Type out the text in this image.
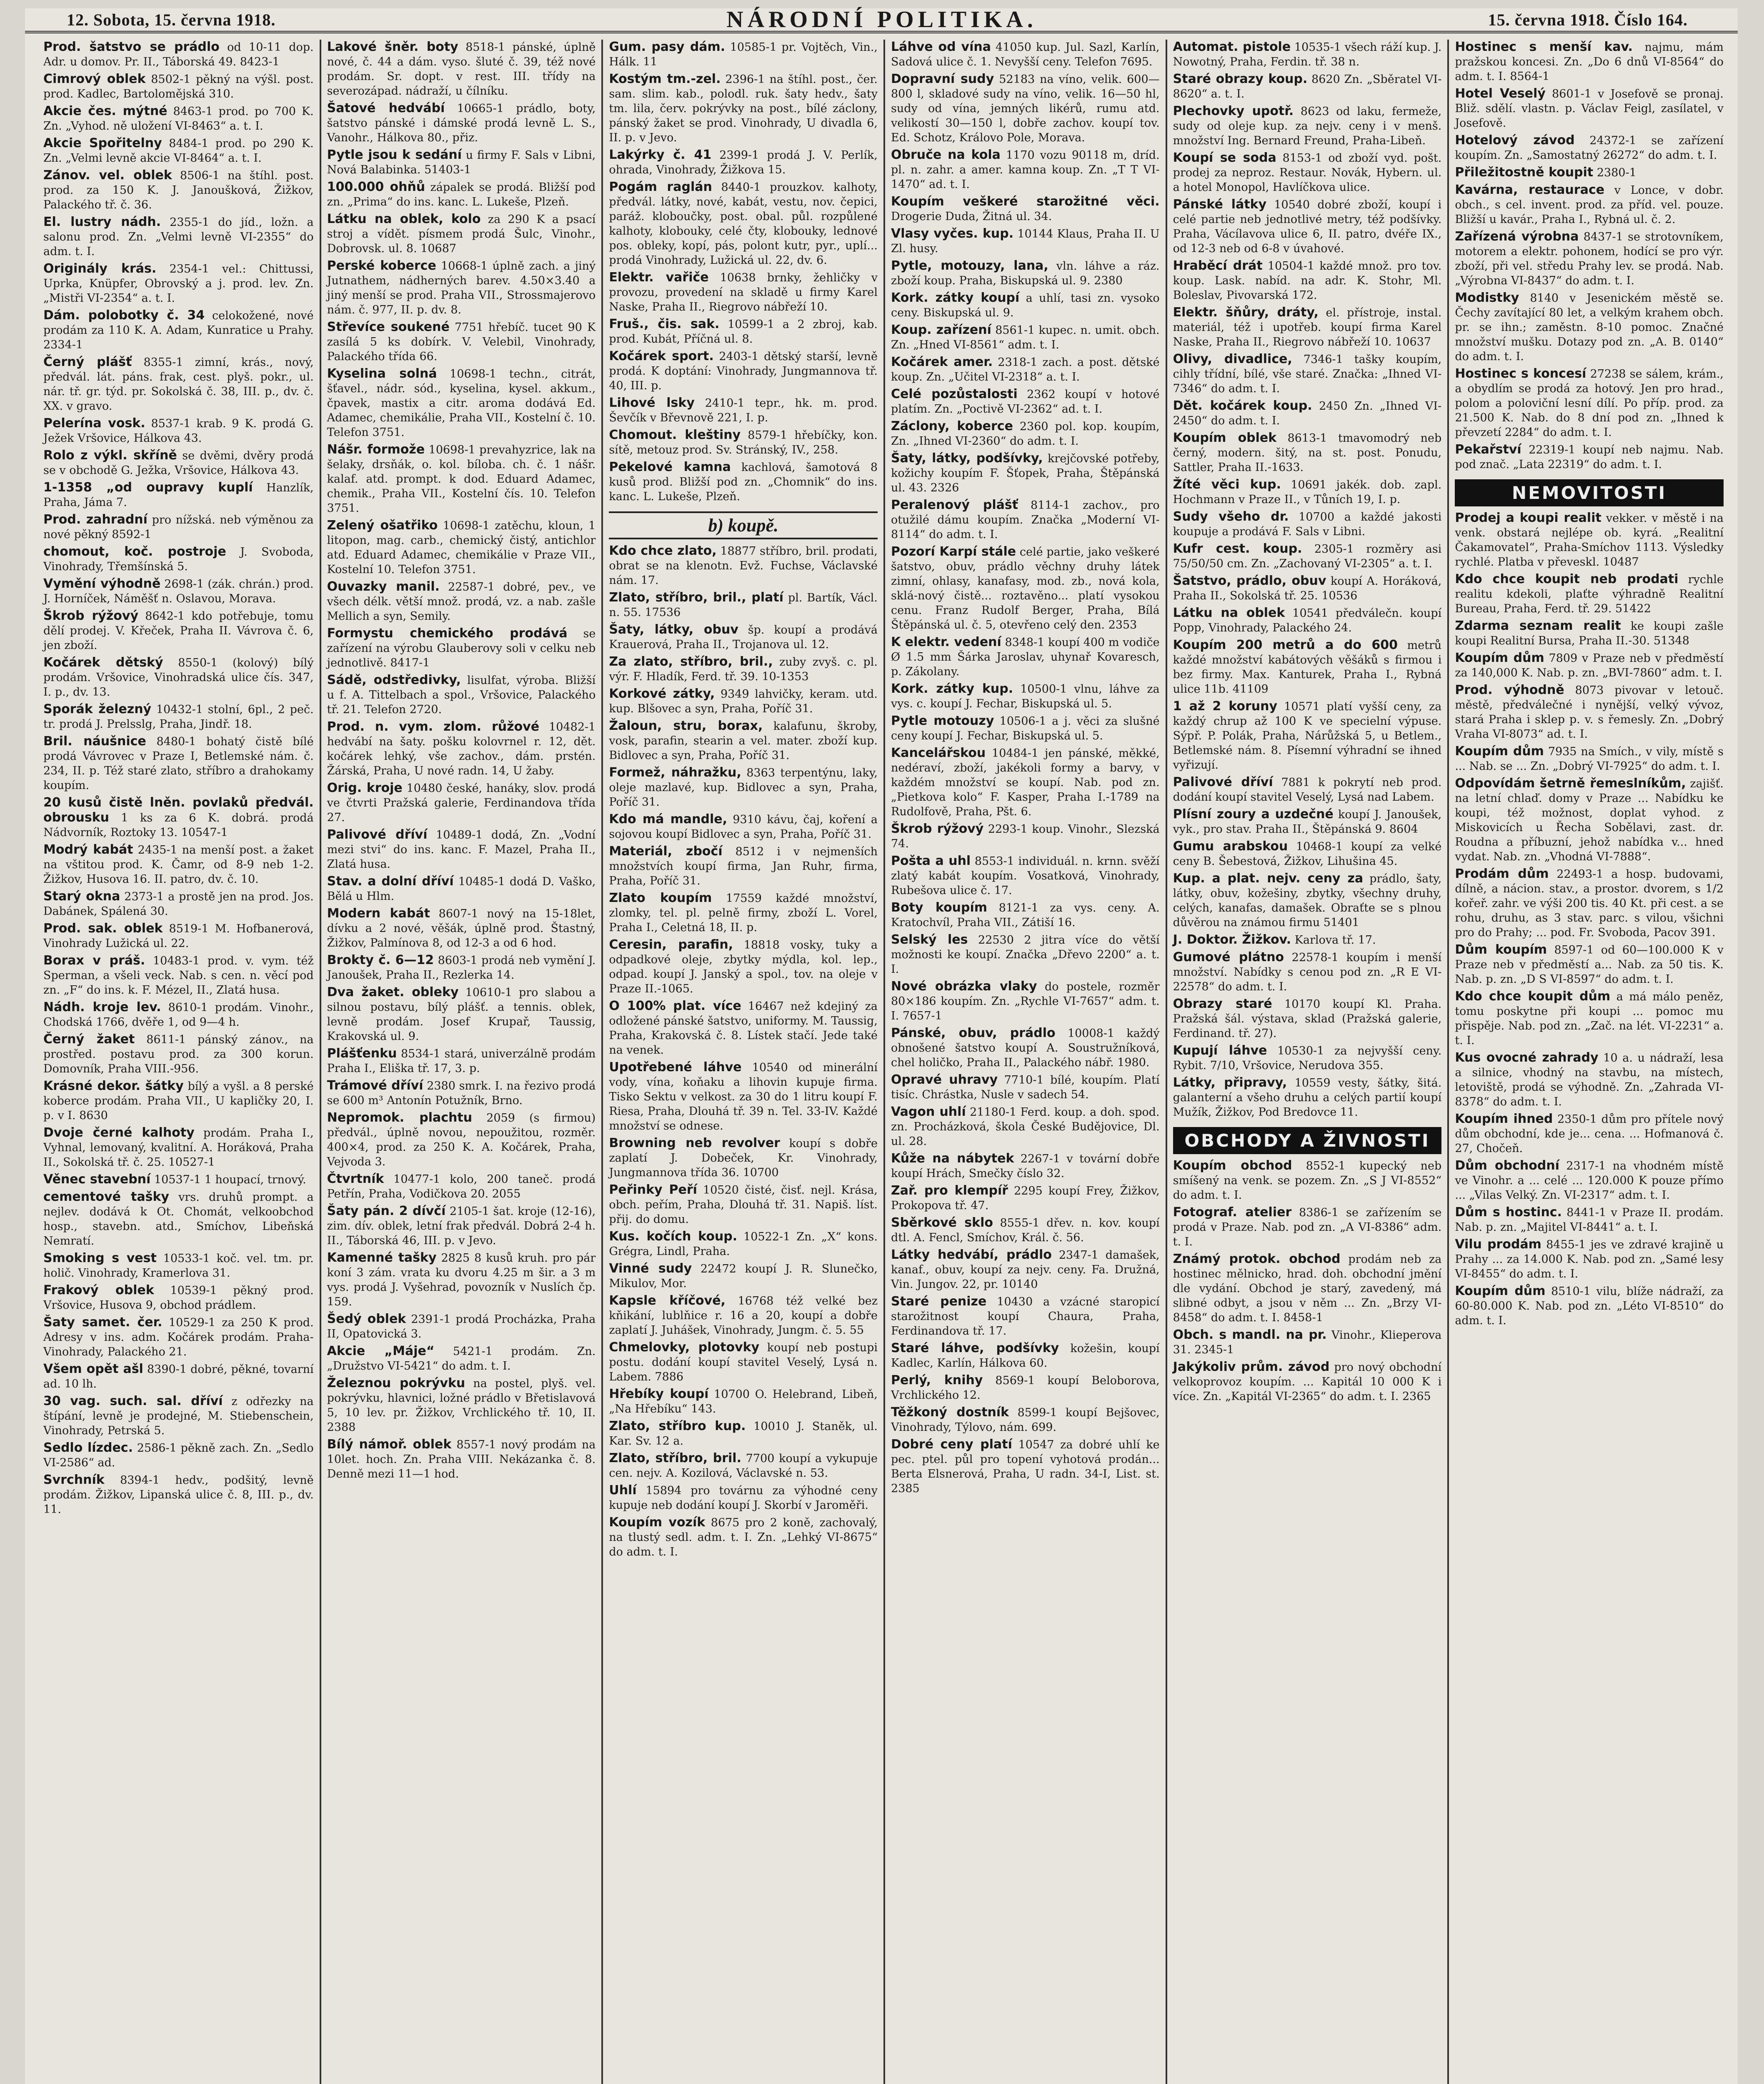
12. Sobota, 15. června 1918.	NÁRODNÍ POLITIKA.	15. června 1918. Číslo 164.

Prod. šatstvo se prádlo od 10-11 dop. Adr. u domov. Pr. II., Táborská 49. 8423-1

Cimrový oblek 8502-1 pěkný na výšl. post. prod. Kadlec, Bartolomějská 310.

Akcie čes. mýtné 8463-1 prod. po 700 K. Zn. „Vyhod. ně uložení VI-8463“ a. t. I.

Akcie Spořitelny 8484-1 prod. po 290 K. Zn. „Velmi levně akcie VI-8464“ a. t. I.

Zánov. vel. oblek 8506-1 na štíhl. post. prod. za 150 K. J. Janoušková, Žižkov, Palackého tř. č. 36.

El. lustry nádh. 2355-1 do jíd., ložn. a salonu prod. Zn. „Velmi levně VI-2355“ do adm. t. I.

Originály krás. 2354-1 vel.: Chittussi, Uprka, Knüpfer, Obrovský a j. prod. lev. Zn. „Mistři VI-2354“ a. t. I.

Dám. polobotky č. 34 celokožené, nové prodám za 110 K. A. Adam, Kunratice u Prahy. 2334-1

Černý plášť 8355-1 zimní, krás., nový, předvál. lát. páns. frak, cest. plyš. pokr., ul. nár. tř. gr. týd. pr. Sokolská č. 38, III. p., dv. č. XX. v gravo.

Pelerína vosk. 8537-1 krab. 9 K. prodá G. Ježek Vršovice, Hálkova 43.

Rolo z výkl. skříně se dvěmi, dvěry prodá se v obchodě G. Ježka, Vršovice, Hálkova 43.

1-1358 „od oupravy kuplí Hanzlík, Praha, Jáma 7.

Prod. zahradní pro nížská. neb výměnou za nové pěkný 8592-1

chomout, koč. postroje J. Svoboda, Vinohrady, Třemšínská 5.

Vymění výhodně 2698-1 (zák. chrán.) prod. J. Horníček, Náměšť n. Oslavou, Morava.

Škrob rýžový 8642-1 kdo potřebuje, tomu dělí prodej. V. Křeček, Praha II. Vávrova č. 6, jen zboží.

Kočárek dětský 8550-1 (kolový) bílý prodám. Vršovice, Vinohradská ulice čís. 347, I. p., dv. 13.

Sporák železný 10432-1 stolní, 6pl., 2 peč. tr. prodá J. Prelsslg, Praha, Jindř. 18.

Bril. náušnice 8480-1 bohatý čistě bílé prodá Vávrovec v Praze I, Betlemské nám. č. 234, II. p. Též staré zlato, stříbro a drahokamy koupím.

20 kusů čistě lněn. povlaků předvál. obrousku 1 ks za 6 K. dobrá. prodá Nádvorník, Roztoky 13. 10547-1

Modrý kabát 2435-1 na menší post. a žaket na vštitou prod. K. Čamr, od 8-9 neb 1-2. Žižkov, Husova 16. II. patro, dv. č. 10.

Starý okna 2373-1 a prostě jen na prod. Jos. Dabánek, Spálená 30.

Prod. sak. oblek 8519-1 M. Hofbanerová, Vinohrady Lužická ul. 22.

Borax v práš. 10483-1 prod. v. vym. též Sperman, a všeli veck. Nab. s cen. n. věcí pod zn. „F“ do ins. k. F. Mézel, II., Zlatá husa.

Nádh. kroje lev. 8610-1 prodám. Vinohr., Chodská 1766, dvěře 1, od 9—4 h.

Černý žaket 8611-1 pánský zánov., na prostřed. postavu prod. za 300 korun. Domovník, Praha VIII.-956.

Krásné dekor. šátky bílý a vyšl. a 8 perské koberce prodám. Praha VII., U kapličky 20, I. p. v I. 8630

Dvoje černé kalhoty prodám. Praha I., Vyhnal, lemovaný, kvalitní. A. Horáková, Praha II., Sokolská tř. č. 25. 10527-1

Věnec stavební 10537-1 1 houpací, trnový.

cementové tašky vrs. druhů prompt. a nejlev. dodává k Ot. Chomát, velkoobchod hosp., stavebn. atd., Smíchov, Libeňská Nemratí.

Smoking s vest 10533-1 koč. vel. tm. pr. holič. Vinohrady, Kramerlova 31.

Frakový oblek 10539-1 pěkný prod. Vršovice, Husova 9, obchod prádlem.

Šaty samet. čer. 10529-1 za 250 K prod. Adresy v ins. adm. Kočárek prodám. Praha-Vinohrady, Palackého 21.

Všem opět ašl 8390-1 dobré, pěkné, tovarní ad. 10 lh.

30 vag. such. sal. dříví z odřezky na štípání, levně je prodejné, M. Stiebenschein, Vinohrady, Petrská 5.

Sedlo lízdec. 2586-1 pěkně zach. Zn. „Sedlo VI-2586“ ad.

Svrchník 8394-1 hedv., podšitý, levně prodám. Žižkov, Lipanská ulice č. 8, III. p., dv. 11.

Lakové šněr. boty 8518-1 pánské, úplně nové, č. 44 a dám. vyso. šluté č. 39, též nové prodám. Sr. dopt. v rest. III. třídy na severozápad. nádraží, u čílníku.

Šatové hedvábí 10665-1 prádlo, boty, šatstvo pánské i dámské prodá levně L. S., Vanohr., Hálkova 80., přiz.

Pytle jsou k sedání u firmy F. Sals v Libni, Nová Balabinka. 51403-1

100.000 ohňů zápalek se prodá. Bližší pod zn. „Prima“ do ins. kanc. L. Lukeše, Plzeň.

Látku na oblek, kolo za 290 K a psací stroj a vídět. písmem prodá Šulc, Vinohr., Dobrovsk. ul. 8. 10687

Perské koberce 10668-1 úplně zach. a jiný Jutnathem, nádherných barev. 4.50×3.40 a jiný menší se prod. Praha VII., Strossmajerovo nám. č. 977, II. p. dv. 8.

Střevíce soukené 7751 hřebíč. tucet 90 K zasílá 5 ks dobírk. V. Velebil, Vinohrady, Palackého třída 66.

Kyselina solná 10698-1 techn., citrát, šťavel., nádr. sód., kyselina, kysel. akkum., čpavek, mastix a citr. aroma dodává Ed. Adamec, chemikálie, Praha VII., Kostelní č. 10. Telefon 3751.

Nášr. formože 10698-1 prevahyzrice, lak na šelaky, drsňák, o. kol. bíloba. ch. č. 1 nášr. kalaf. atd. prompt. k dod. Eduard Adamec, chemik., Praha VII., Kostelní čís. 10. Telefon 3751.

Zelený ošatřiko 10698-1 zatěchu, kloun, 1 litopon, mag. carb., chemický čistý, antichlor atd. Eduard Adamec, chemikálie v Praze VII., Kostelní 10. Telefon 3751.

Ouvazky manil. 22587-1 dobré, pev., ve všech délk. větší množ. prodá, vz. a nab. zašle Mellich a syn, Semily.

Formystu chemického prodává se zařízení na výrobu Glauberovy soli v celku neb jednotlivě. 8417-1

Sádě, odstředivky, lisulfat, výroba. Bližší u f. A. Tittelbach a spol., Vršovice, Palackého tř. 21. Telefon 2720.

Prod. n. vym. zlom. růžové 10482-1 hedvábí na šaty. pošku kolovrnel r. 12, dět. kočárek lehký, vše zachov., dám. prstén. Žárská, Praha, U nové radn. 14, U žaby.

Orig. kroje 10480 české, hanáky, slov. prodá ve čtvrti Pražská galerie, Ferdinandova třída 27.

Palivové dříví 10489-1 dodá, Zn. „Vodní mezi stvi“ do ins. kanc. F. Mazel, Praha II., Zlatá husa.

Stav. a dolní dříví 10485-1 dodá D. Vaško, Bělá u Hlm.

Modern kabát 8607-1 nový na 15-18let, dívku a 2 nové, věšák, úplně prod. Štastný, Žižkov, Palmínova 8, od 12-3 a od 6 hod.

Brokty č. 6—12 8603-1 prodá neb vymění J. Janoušek, Praha II., Rezlerka 14.

Dva žaket. obleky 10610-1 pro slabou a silnou postavu, bílý plášť. a tennis. oblek, levně prodám. Josef Krupař, Taussig, Krakovská ul. 9.

Plášťenku 8534-1 stará, univerzálně prodám Praha I., Eliška tř. 17, 3. p.

Trámové dříví 2380 smrk. I. na řezivo prodá se 600 m³ Antonín Potužník, Brno.

Nepromok. plachtu 2059 (s firmou) předvál., úplně novou, nepoužitou, rozměr. 400×4, prod. za 250 K. A. Kočárek, Praha, Vejvoda 3.

Čtvrtník 10477-1 kolo, 200 taneč. prodá Petřín, Praha, Vodičkova 20. 2055

Šaty pán. 2 dívčí 2105-1 šat. kroje (12-16), zim. dív. oblek, letní frak předvál. Dobrá 2-4 h. II., Táborská 46, III. p. v Jevo.

Kamenné tašky 2825 8 kusů kruh. pro pár koní 3 zám. vrata ku dvoru 4.25 m šir. a 3 m vys. prodá J. Vyšehrad, povozník v Nuslích čp. 159.

Šedý oblek 2391-1 prodá Procházka, Praha II, Opatovická 3.

Akcie „Máje“ 5421-1 prodám. Zn. „Družstvo VI-5421“ do adm. t. I.

Železnou pokrývku na postel, plyš. vel. pokrývku, hlavnici, ložné prádlo v Břetislavová 5, 10 lev. pr. Žižkov, Vrchlického tř. 10, II. 2388

Bílý námoř. oblek 8557-1 nový prodám na 10let. hoch. Zn. Praha VIII. Nekázanka č. 8. Denně mezi 11—1 hod.

Gum. pasy dám. 10585-1 pr. Vojtěch, Vin., Hálk. 11

Kostým tm.-zel. 2396-1 na štíhl. post., čer. sam. slim. kab., polodl. ruk. šaty hedv., šaty tm. lila, červ. pokrývky na post., bílé záclony, pánský žaket se prod. Vinohrady, U divadla 6, II. p. v Jevo.

Lakýrky č. 41 2399-1 prodá J. V. Perlík, ohrada, Vinohrady, Žižkova 15.

Pogám raglán 8440-1 prouzkov. kalhoty, předvál. látky, nové, kabát, vestu, nov. čepici, paráž. kloboučky, post. obal. půl. rozpůlené kalhoty, klobouky, celé čty, klobouky, lednové pos. obleky, kopí, pás, polont kutr, pyr., uplí... prodá Vinohrady, Lužická ul. 22, dv. 6.

Elektr. vařiče 10638 brnky, žehličky v provozu, provedení na skladě u firmy Karel Naske, Praha II., Riegrovo nábřeží 10.

Fruš., čis. sak. 10599-1 a 2 zbroj, kab. prod. Kubát, Příčná ul. 8.

Kočárek sport. 2403-1 dětský starší, levně prodá. K doptání: Vinohrady, Jungmannova tř. 40, III. p.

Lihové lsky 2410-1 tepr., hk. m. prod. Ševčík v Břevnově 221, I. p.

Chomout. kleštiny 8579-1 hřebíčky, kon. sítě, metouz prod. Sv. Stránský, IV., 258.

Pekelové kamna kachlová, šamotová 8 kusů prod. Bližší pod zn. „Chomnik“ do ins. kanc. L. Lukeše, Plzeň.

b) koupě.

Kdo chce zlato, 18877 stříbro, bril. prodati, obrat se na klenotn. Evž. Fuchse, Václavské nám. 17.

Zlato, stříbro, bril., platí pl. Bartík, Václ. n. 55. 17536

Šaty, látky, obuv šp. koupí a prodává Krauerová, Praha II., Trojanova ul. 12.

Za zlato, stříbro, bril., zuby zvyš. c. pl. výr. F. Hladík, Ferd. tř. 39. 10-1353

Korkové zátky, 9349 lahvičky, keram. utd. kup. Blšovec a syn, Praha, Poříč 31.

Žaloun, stru, borax, kalafunu, škroby, vosk, parafin, stearin a vel. mater. zboží kup. Bidlovec a syn, Praha, Poříč 31.

Formež, náhražku, 8363 terpentýnu, laky, oleje mazlavé, kup. Bidlovec a syn, Praha, Poříč 31.

Kdo má mandle, 9310 kávu, čaj, koření a sojovou koupí Bidlovec a syn, Praha, Poříč 31.

Materiál, zbočí 8512 i v nejmenších množstvích koupí firma, Jan Ruhr, firma, Praha, Poříč 31.

Zlato koupím 17559 každé množství, zlomky, tel. pl. pelně firmy, zboží L. Vorel, Praha I., Celetná 18, II. p.

Ceresin, parafin, 18818 vosky, tuky a odpadkové oleje, zbytky mýdla, kol. lep., odpad. koupí J. Janský a spol., tov. na oleje v Praze II.-1065.

O 100% plat. více 16467 než kdejiný za odložené pánské šatstvo, uniformy. M. Taussig, Praha, Krakovská č. 8. Lístek stačí. Jede také na venek.

Upotřebené láhve 10540 od minerální vody, vína, koňaku a lihovin kupuje firma. Tisko Sektu v velkost. za 30 do 1 litru koupí F. Riesa, Praha, Dlouhá tř. 39 n. Tel. 33-IV. Každé množství se odnese.

Browning neb revolver koupí s dobře zaplatí J. Dobeček, Kr. Vinohrady, Jungmannova třída 36. 10700

Peřinky Peří 10520 čisté, čisť. nejl. Krása, obch. peřím, Praha, Dlouhá tř. 31. Napiš. líst. přij. do domu.

Kus. kočích koup. 10522-1 Zn. „X“ kons. Grégra, Lindl, Praha.

Vinné sudy 22472 koupí J. R. Slunečko, Mikulov, Mor.

Kapsle kříčové, 16768 též velké bez kňikání, lublňice r. 16 a 20, koupí a dobře zaplatí J. Juhášek, Vinohrady, Jungm. č. 5. 55

Chmelovky, plotovky koupí neb postupi postu. dodání koupí stavitel Veselý, Lysá n. Labem. 7886

Hřebíky koupí 10700 O. Helebrand, Libeň, „Na Hřebíku“ 143.

Zlato, stříbro kup. 10010 J. Staněk, ul. Kar. Sv. 12 a.

Zlato, stříbro, bril. 7700 koupí a vykupuje cen. nejv. A. Kozilová, Václavské n. 53.

Uhlí 15894 pro továrnu za výhodné ceny kupuje neb dodání koupí J. Skorbí v Jaroměři.

Koupím vozík 8675 pro 2 koně, zachovalý, na tlustý sedl. adm. t. I. Zn. „Lehký VI-8675“ do adm. t. I.

Láhve od vína 41050 kup. Jul. Sazl, Karlín, Sadová ulice č. 1. Nevyšší ceny. Telefon 7695.

Dopravní sudy 52183 na víno, velik. 600—800 l, skladové sudy na víno, velik. 16—50 hl, sudy od vína, jemných likérů, rumu atd. velikostí 30—150 l, dobře zachov. koupí tov. Ed. Schotz, Královo Pole, Morava.

Obruče na kola 1170 vozu 90118 m, dríd. pl. n. zahr. a amer. kamna koup. Zn. „T T VI-1470“ ad. t. I.

Koupím veškeré starožitné věci. Drogerie Duda, Žitná ul. 34.

Vlasy vyčes. kup. 10144 Klaus, Praha II. U Zl. husy.

Pytle, motouzy, lana, vln. láhve a ráz. zboží koup. Praha, Biskupská ul. 9. 2380

Kork. zátky koupí a uhlí, tasi zn. vysoko ceny. Biskupská ul. 9.

Koup. zařízení 8561-1 kupec. n. umit. obch. Zn. „Hned VI-8561“ adm. t. I.

Kočárek amer. 2318-1 zach. a post. dětské koup. Zn. „Učitel VI-2318“ a. t. I.

Celé pozůstalosti 2362 koupí v hotové platím. Zn. „Poctivě VI-2362“ ad. t. I.

Záclony, koberce 2360 pol. kop. koupím, Zn. „Ihned VI-2360“ do adm. t. I.

Šaty, látky, podšívky, krejčovské potřeby, kožichy koupím F. Šťopek, Praha, Štěpánská ul. 43. 2326

Peralenový plášť 8114-1 zachov., pro otužilé dámu koupím. Značka „Moderní VI-8114“ do adm. t. I.

Pozorí Karpí stále celé partie, jako veškeré šatstvo, obuv, prádlo věchny druhy látek zimní, ohlasy, kanafasy, mod. zb., nová kola, sklá-nový čistě... roztavěno... platí vysokou cenu. Franz Rudolf Berger, Praha, Bílá Štěpánská ul. č. 5, otevřeno celý den. 2353

K elektr. vedení 8348-1 koupí 400 m vodiče Ø 1.5 mm Šárka Jaroslav, uhynař Kovaresch, p. Zákolany.

Kork. zátky kup. 10500-1 vlnu, láhve za vys. c. koupí J. Fechar, Biskupská ul. 5.

Pytle motouzy 10506-1 a j. věci za slušné ceny koupí J. Fechar, Biskupská ul. 5.

Kancelářskou 10484-1 jen pánské, měkké, nedéraví, zboží, jakékoli formy a barvy, v každém množství se koupí. Nab. pod zn. „Pietkova kolo“ F. Kasper, Praha I.-1789 na Rudolfově, Praha, Pšt. 6.

Škrob rýžový 2293-1 koup. Vinohr., Slezská 74.

Pošta a uhl 8553-1 individuál. n. krnn. svěží zlatý kabát koupím. Vosatková, Vinohrady, Rubešova ulice č. 17.

Boty koupím 8121-1 za vys. ceny. A. Kratochvíl, Praha VII., Zátiší 16.

Selský les 22530 2 jitra více do větší možnosti ke koupí. Značka „Dřevo 2200“ a. t. I.

Nové obrázka vlaky do postele, rozměr 80×186 koupím. Zn. „Rychle VI-7657“ adm. t. I. 7657-1

Pánské, obuv, prádlo 10008-1 každý obnošené šatstvo koupí A. Soustružníková, chel holičko, Praha II., Palackého nábř. 1980.

Opravé uhravy 7710-1 bílé, koupím. Platí tisíc. Chrástka, Nusle v sadech 54.

Vagon uhlí 21180-1 Ferd. koup. a doh. spod. zn. Procházková, škola České Budějovice, Dl. ul. 28.

Kůže na nábytek 2267-1 v tovární dobře koupí Hrách, Smečky číslo 32.

Zař. pro klempíř 2295 koupí Frey, Žižkov, Prokopova tř. 47.

Sběrkové sklo 8555-1 dřev. n. kov. koupí dtl. A. Fencl, Smíchov, Král. č. 56.

Látky hedvábí, prádlo 2347-1 damašek, kanaf., obuv, koupí za nejv. ceny. Fa. Družná, Vin. Jungov. 22, pr. 10140

Staré penize 10430 a vzácné staropicí starožitnost koupí Chaura, Praha, Ferdinandova tř. 17.

Staré láhve, podšívky kožešin, koupí Kadlec, Karlín, Hálkova 60.

Perlý, knihy 8569-1 koupí Beloborova, Vrchlického 12.

Těžkoný dostník 8599-1 koupí Bejšovec, Vinohrady, Týlovo, nám. 699.

Dobré ceny platí 10547 za dobré uhlí ke pec. ptel. půl pro topení vyhotová prodán... Berta Elsnerová, Praha, U radn. 34-I, List. st. 2385

Automat. pistole 10535-1 všech ráží kup. J. Nowotný, Praha, Ferdin. tř. 38 n.

Staré obrazy koup. 8620 Zn. „Sběratel VI-8620“ a. t. I.

Plechovky upotř. 8623 od laku, fermeže, sudy od oleje kup. za nejv. ceny i v menš. množství Ing. Bernard Freund, Praha-Libeň.

Koupí se soda 8153-1 od zboží vyd. pošt. prodej za neproz. Restaur. Novák, Hybern. ul. a hotel Monopol, Havlíčkova ulice.

Pánské látky 10540 dobré zboží, koupí i celé partie neb jednotlivé metry, též podšívky. Praha, Vácílavova ulice 6, II. patro, dvéře IX., od 12-3 neb od 6-8 v úvahové.

Hraběcí drát 10504-1 každé množ. pro tov. koup. Lask. nabíd. na adr. K. Stohr, Ml. Boleslav, Pivovarská 172.

Elektr. šňůry, dráty, el. přístroje, instal. materiál, též i upotřeb. koupí firma Karel Naske, Praha II., Riegrovo nábřeží 10. 10637

Olivy, divadlice, 7346-1 tašky koupím, cihly třídní, bílé, vše staré. Značka: „Ihned VI-7346“ do adm. t. I.

Dět. kočárek koup. 2450 Zn. „Ihned VI-2450“ do adm. t. I.

Koupím oblek 8613-1 tmavomodrý neb černý, modern. šitý, na st. post. Ponudu, Sattler, Praha II.-1633.

Žíté věci kup. 10691 jakék. dob. zapl. Hochmann v Praze II., v Tůních 19, I. p.

Sudy všeho dr. 10700 a každé jakosti koupuje a prodává F. Sals v Libni.

Kufr cest. koup. 2305-1 rozměry asi 75/50/50 cm. Zn. „Zachovaný VI-2305“ a. t. I.

Šatstvo, prádlo, obuv koupí A. Horáková, Praha II., Sokolská tř. 25. 10536

Látku na oblek 10541 předválečn. koupí Popp, Vinohrady, Palackého 24.

Koupím 200 metrů a do 600 metrů každé množství kabátových věšáků s firmou i bez firmy. Max. Kanturek, Praha I., Rybná ulice 11b. 41109

1 až 2 koruny 10571 platí vyšší ceny, za každý chrup až 100 K ve specielní výpuse. Sýpř. P. Polák, Praha, Nárůžská 5, u Betlem., Betlemské nám. 8. Písemní výhradní se ihned vyřizují.

Palivové dříví 7881 k pokrytí neb prod. dodání koupí stavitel Veselý, Lysá nad Labem.

Plísní zoury a uzdečné koupí J. Janoušek, vyk., pro stav. Praha II., Štěpánská 9. 8604

Gumu arabskou 10468-1 koupí za velké ceny B. Šebestová, Žižkov, Lihušina 45.

Kup. a plat. nejv. ceny za prádlo, šaty, látky, obuv, kožešiny, zbytky, všechny druhy, celých, kanafas, damašek. Obraťte se s plnou důvěrou na známou firmu 51401

J. Doktor. Žižkov. Karlova tř. 17.

Gumové plátno 22578-1 koupím i menší množství. Nabídky s cenou pod zn. „R E VI-22578“ do adm. t. I.

Obrazy staré 10170 koupí Kl. Praha. Pražská šál. výstava, sklad (Pražská galerie, Ferdinand. tř. 27).

Kupují láhve 10530-1 za nejvyšší ceny. Rybit. 7/10, Vršovice, Nerudova 355.

Látky, připravy, 10559 vesty, šátky, šitá. galanterní a všeho druhu a celých partií koupí Mužík, Žižkov, Pod Bredovce 11.

OBCHODY A ŽIVNOSTI

Koupím obchod 8552-1 kupecký neb smíšený na venk. se pozem. Zn. „S J VI-8552“ do adm. t. I.

Fotograf. atelier 8386-1 se zařízením se prodá v Praze. Nab. pod zn. „A VI-8386“ adm. t. I.

Známý protok. obchod prodám neb za hostinec mělnicko, hrad. doh. obchodní jmění dle vydání. Obchod je starý, zavedený, má slibné odbyt, a jsou v něm ... Zn. „Brzy VI-8458“ do adm. t. I. 8458-1

Obch. s mandl. na pr. Vinohr., Klieperova 31. 2345-1

Jakýkoliv prům. závod pro nový obchodní velkoprovoz koupím. ... Kapitál 10 000 K i více. Zn. „Kapitál VI-2365“ do adm. t. I. 2365

Hostinec s menší kav. najmu, mám pražskou koncesi. Zn. „Do 6 dnů VI-8564“ do adm. t. I. 8564-1

Hotel Veselý 8601-1 v Josefově se pronaj. Bliž. sdělí. vlastn. p. Václav Feigl, zasílatel, v Josefově.

Hotelový závod 24372-1 se zařízení koupím. Zn. „Samostatný 26272“ do adm. t. I.

Přiležitostně koupit 2380-1

Kavárna, restaurace v Lonce, v dobr. obch., s cel. invent. prod. za příd. vel. pouze. Bližší u kavár., Praha I., Rybná ul. č. 2.

Zařízená výrobna 8437-1 se strotovníkem, motorem a elektr. pohonem, hodící se pro výr. zboží, při vel. středu Prahy lev. se prodá. Nab. „Výrobna VI-8437“ do adm. t. I.

Modistky 8140 v Jesenickém městě se. Čechy zavítající 80 let, a velkým krahem obch. pr. se ihn.; zaměstn. 8-10 pomoc. Značné množství mušku. Dotazy pod zn. „A. B. 0140“ do adm. t. I.

Hostinec s koncesí 27238 se sálem, krám., a obydlím se prodá za hotový. Jen pro hrad., polom a poloviční lesní dílí. Po příp. prod. za 21.500 K. Nab. do 8 dní pod zn. „Ihned k převzetí 2284“ do adm. t. I.

Pekařství 22319-1 koupí neb najmu. Nab. pod znač. „Lata 22319“ do adm. t. I.

NEMOVITOSTI

Prodej a koupi realit vekker. v městě i na venk. obstará nejlépe ob. kyrá. „Realitní Čakamovatel“, Praha-Smíchov 1113. Výsledky rychlé. Platba v převeskl. 10487

Kdo chce koupit neb prodati rychle realitu kdekoli, plaťte výhradně Realitní Bureau, Praha, Ferd. tř. 29. 51422

Zdarma seznam realit ke koupi zašle koupi Realitní Bursa, Praha II.-30. 51348

Koupím dům 7809 v Praze neb v předměstí za 140,000 K. Nab. p. zn. „BVI-7860“ adm. t. I.

Prod. výhodně 8073 pivovar v letouč. městě, předválečné i nynější, velký vývoz, stará Praha i sklep p. v. s řemesly. Zn. „Dobrý Vraha VI-8073“ ad. t. I.

Koupím dům 7935 na Smích., v vily, místě s ... Nab. se ... Zn. „Dobrý VI-7925“ do adm. t. I.

Odpovídám šetrně řemeslníkům, zajišť. na letní chlaď. domy v Praze ... Nabídku ke koupi, též možnost, doplat vyhod. z Miskovicích u Řecha Sobělavi, zast. dr. Roudna a příbuzní, jehož nabídka v... hned vydat. Nab. zn. „Vhodná VI-7888“.

Prodám dům 22493-1 a hosp. budovami, dílně, a nácion. stav., a prostor. dvorem, s 1/2 kořeř. zahr. ve výši 200 tis. 40 Kt. při cest. a se rohu, druhu, as 3 stav. parc. s vilou, všichni pro do Prahy; ... pod. Fr. Svoboda, Pacov 391.

Dům koupím 8597-1 od 60—100.000 K v Praze neb v předměstí a... Nab. za 50 tis. K. Nab. p. zn. „D S VI-8597“ do adm. t. I.

Kdo chce koupit dům a má málo peněz, tomu poskytne při koupi ... pomoc mu přispěje. Nab. pod zn. „Zač. na lét. VI-2231“ a. t. I.

Kus ovocné zahrady 10 a. u nádraží, lesa a silnice, vhodný na stavbu, na místech, letoviště, prodá se výhodně. Zn. „Zahrada VI-8378“ do adm. t. I.

Koupím ihned 2350-1 dům pro přítele nový dům obchodní, kde je... cena. ... Hofmanová č. 27, Chočeň.

Dům obchodní 2317-1 na vhodném místě ve Vinohr. a ... celé ... 120.000 K pouze přímo ... „Vilas Velký. Zn. VI-2317“ adm. t. I.

Dům s hostinc. 8441-1 v Praze II. prodám. Nab. p. zn. „Majitel VI-8441“ a. t. I.

Vilu prodám 8455-1 jes ve zdravé krajině u Prahy ... za 14.000 K. Nab. pod zn. „Samé lesy VI-8455“ do adm. t. I.

Koupím dům 8510-1 vilu, blíže nádraží, za 60-80.000 K. Nab. pod zn. „Léto VI-8510“ do adm. t. I.
